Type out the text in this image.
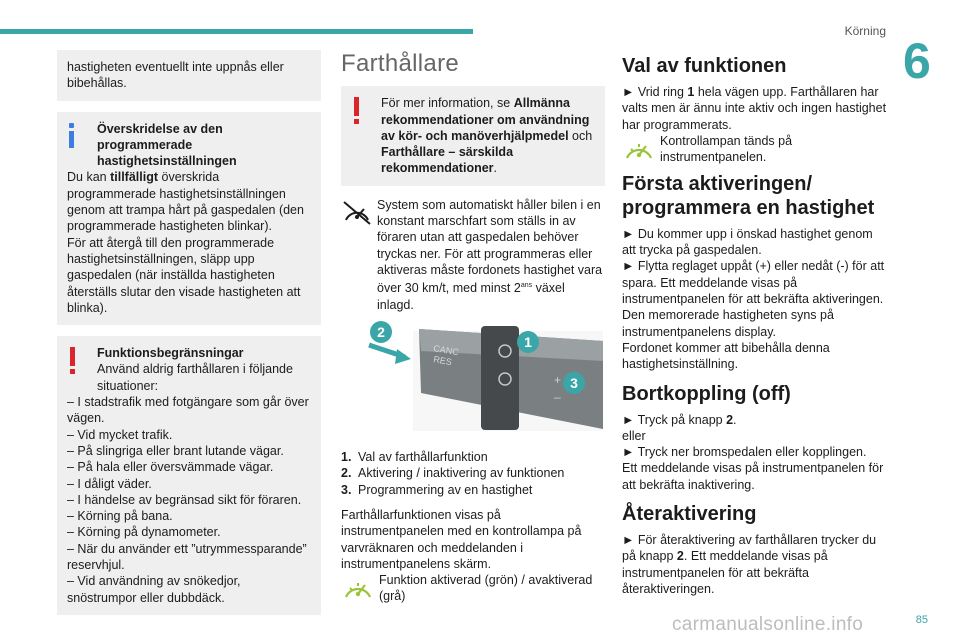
Körning
6

hastigheten eventuellt inte uppnås eller bibehållas.

Överskridelse av den programmerade hastighetsinställningen

Du kan tillfälligt överskrida programmerade hastighetsinställningen genom att trampa hårt på gaspedalen (den programmerade hastigheten blinkar).

För att återgå till den programmerade hastighetsinställningen, släpp upp gaspedalen (när inställda hastigheten återställs slutar den visade hastigheten att blinka).

Funktionsbegränsningar
Använd aldrig farthållaren i följande situationer:

– I stadstrafik med fotgängare som går över vägen.

– Vid mycket trafik.

– På slingriga eller brant lutande vägar.

– På hala eller översvämmade vägar.

– I dåligt väder.

– I händelse av begränsad sikt för föraren.

– Körning på bana.

– Körning på dynamometer.

– När du använder ett ”utrymmessparande” reservhjul.

– Vid användning av snökedjor, snöstrumpor eller dubbdäck.

Farthållare
För mer information, se Allmänna rekommendationer om användning av kör- och manöverhjälpmedel och Farthållare – särskilda rekommendationer.

System som automatiskt håller bilen i en konstant marschfart som ställs in av föraren utan att gaspedalen behöver tryckas ner. För att programmeras eller aktiveras måste fordonets hastighet vara över 30 km/t, med minst $2^{ans}$ växel inlagd.

CANC
RES
+
–
2
1
3
1. Val av farthållarfunktion
2. Aktivering / inaktivering av funktionen
3. Programmering av en hastighet

Farthållarfunktionen visas på instrumentpanelen med en kontrollampa på varvräknaren och meddelanden i instrumentpanelens skärm.

Funktion aktiverad (grön) / avaktiverad (grå)

Val av funktionen

► Vrid ring 1 hela vägen upp. Farthållaren har valts men är ännu inte aktiv och ingen hastighet har programmerats.

Kontrollampan tänds på instrumentpanelen.

Första aktiveringen/ programmera en hastighet

► Du kommer upp i önskad hastighet genom att trycka på gaspedalen.

► Flytta reglaget uppåt (+) eller nedåt (-) för att spara. Ett meddelande visas på instrumentpanelen för att bekräfta aktiveringen.

Den memorerade hastigheten syns på instrumentpanelens display.

Fordonet kommer att bibehålla denna hastighetsinställning.

Bortkoppling (off)

► Tryck på knapp 2.

eller

► Tryck ner bromspedalen eller kopplingen.

Ett meddelande visas på instrumentpanelen för att bekräfta inaktivering.

Återaktivering

► För återaktivering av farthållaren trycker du på knapp 2. Ett meddelande visas på instrumentpanelen för att bekräfta återaktiveringen.

85
carmanualsonline.info
